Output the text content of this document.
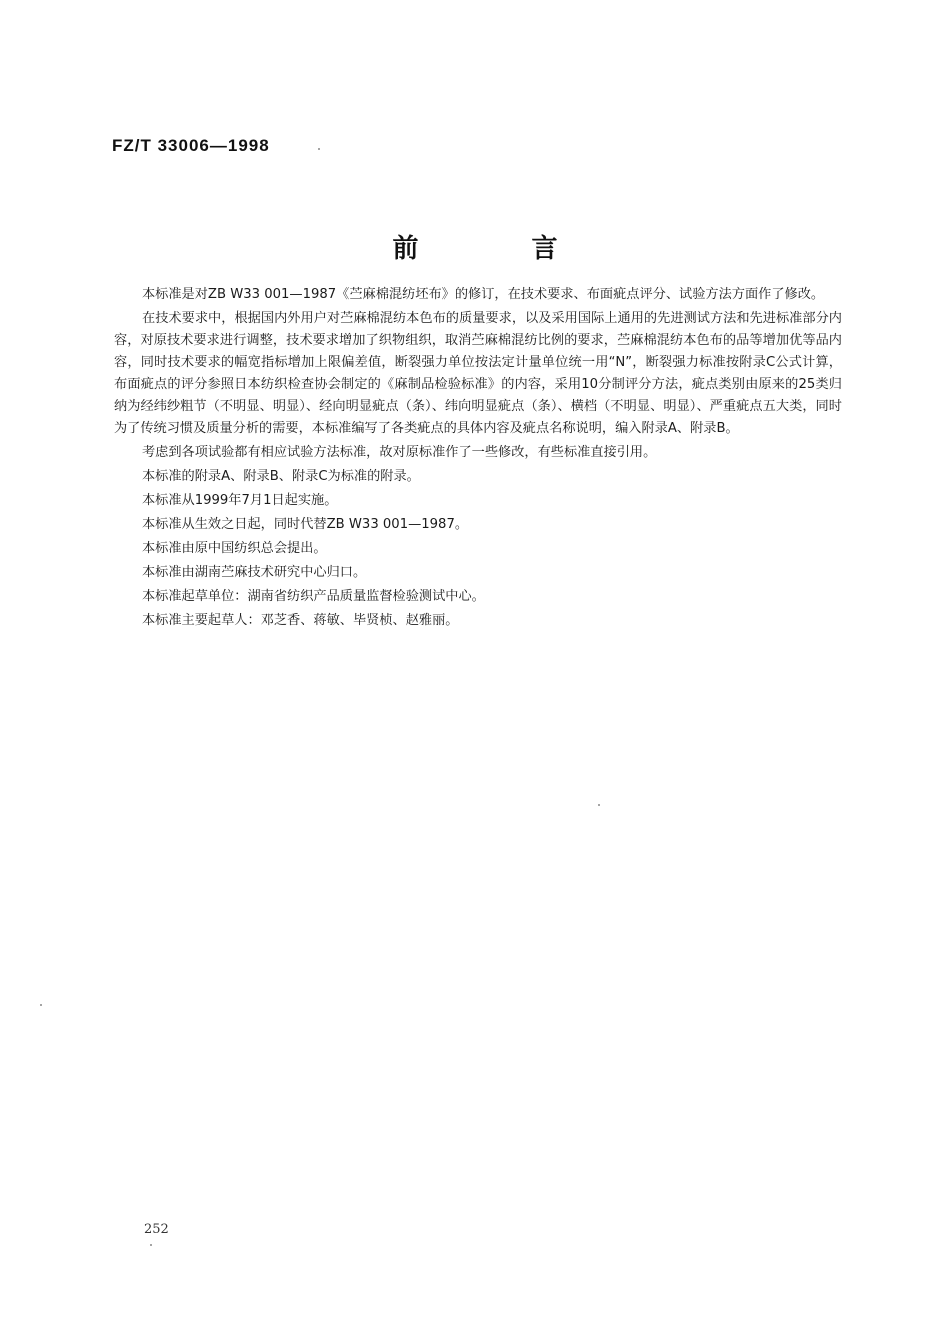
FZ/T 33006—1998
前 言

本标准是对ZB W33 001—1987《苎麻棉混纺坯布》的修订，在技术要求、布面疵点评分、试验方法方面作了修改。

在技术要求中，根据国内外用户对苎麻棉混纺本色布的质量要求，以及采用国际上通用的先进测试方法和先进标准部分内容，对原技术要求进行调整，技术要求增加了织物组织，取消苎麻棉混纺比例的要求，苎麻棉混纺本色布的品等增加优等品内容，同时技术要求的幅宽指标增加上限偏差值，断裂强力单位按法定计量单位统一用“N”，断裂强力标准按附录C公式计算，布面疵点的评分参照日本纺织检查协会制定的《麻制品检验标准》的内容，采用10分制评分方法，疵点类别由原来的25类归纳为经纬纱粗节（不明显、明显）、经向明显疵点（条）、纬向明显疵点（条）、横档（不明显、明显）、严重疵点五大类，同时为了传统习惯及质量分析的需要，本标准编写了各类疵点的具体内容及疵点名称说明，编入附录A、附录B。

考虑到各项试验都有相应试验方法标准，故对原标准作了一些修改，有些标准直接引用。

本标准的附录A、附录B、附录C为标准的附录。

本标准从1999年7月1日起实施。

本标准从生效之日起，同时代替ZB W33 001—1987。

本标准由原中国纺织总会提出。

本标准由湖南苎麻技术研究中心归口。

本标准起草单位：湖南省纺织产品质量监督检验测试中心。

本标准主要起草人：邓芝香、蒋敏、毕贤桢、赵雅丽。

252
